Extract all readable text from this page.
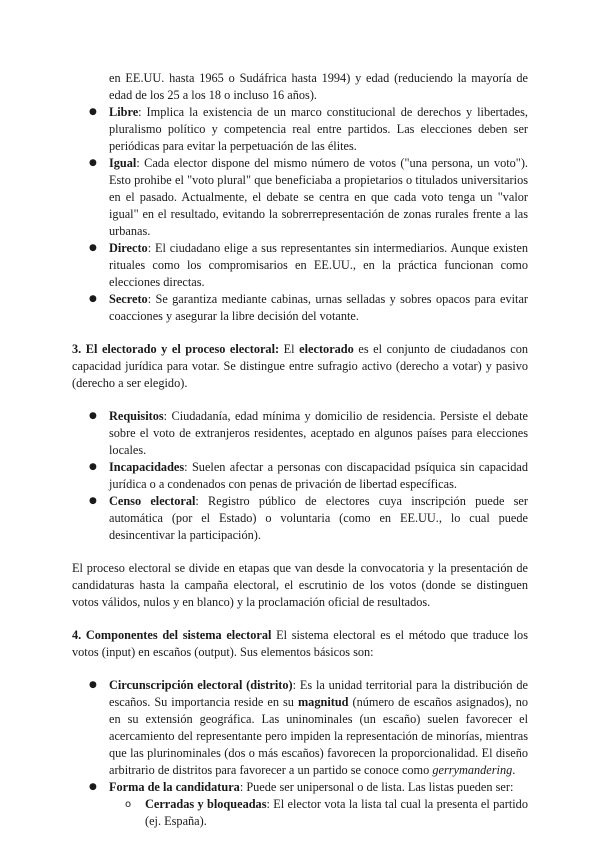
en EE.UU. hasta 1965 o Sudáfrica hasta 1994) y edad (reduciendo la mayoría de edad de los 25 a los 18 o incluso 16 años).

● Libre: Implica la existencia de un marco constitucional de derechos y libertades, pluralismo político y competencia real entre partidos. Las elecciones deben ser periódicas para evitar la perpetuación de las élites.
● Igual: Cada elector dispone del mismo número de votos ("una persona, un voto"). Esto prohibe el "voto plural" que beneficiaba a propietarios o titulados universitarios en el pasado. Actualmente, el debate se centra en que cada voto tenga un "valor igual" en el resultado, evitando la sobrerrepresentación de zonas rurales frente a las urbanas.
● Directo: El ciudadano elige a sus representantes sin intermediarios. Aunque existen rituales como los compromisarios en EE.UU., en la práctica funcionan como elecciones directas.
● Secreto: Se garantiza mediante cabinas, urnas selladas y sobres opacos para evitar coacciones y asegurar la libre decisión del votante.

3. El electorado y el proceso electoral: El electorado es el conjunto de ciudadanos con capacidad jurídica para votar. Se distingue entre sufragio activo (derecho a votar) y pasivo (derecho a ser elegido).

● Requisitos: Ciudadanía, edad mínima y domicilio de residencia. Persiste el debate sobre el voto de extranjeros residentes, aceptado en algunos países para elecciones locales.
● Incapacidades: Suelen afectar a personas con discapacidad psíquica sin capacidad jurídica o a condenados con penas de privación de libertad específicas.
● Censo electoral: Registro público de electores cuya inscripción puede ser automática (por el Estado) o voluntaria (como en EE.UU., lo cual puede desincentivar la participación).

El proceso electoral se divide en etapas que van desde la convocatoria y la presentación de candidaturas hasta la campaña electoral, el escrutinio de los votos (donde se distinguen votos válidos, nulos y en blanco) y la proclamación oficial de resultados.

4. Componentes del sistema electoral El sistema electoral es el método que traduce los votos (input) en escaños (output). Sus elementos básicos son:

● Circunscripción electoral (distrito): Es la unidad territorial para la distribución de escaños. Su importancia reside en su magnitud (número de escaños asignados), no en su extensión geográfica. Las uninominales (un escaño) suelen favorecer el acercamiento del representante pero impiden la representación de minorías, mientras que las plurinominales (dos o más escaños) favorecen la proporcionalidad. El diseño arbitrario de distritos para favorecer a un partido se conoce como gerrymandering.
● Forma de la candidatura: Puede ser unipersonal o de lista. Las listas pueden ser:
o Cerradas y bloqueadas: El elector vota la lista tal cual la presenta el partido (ej. España).
